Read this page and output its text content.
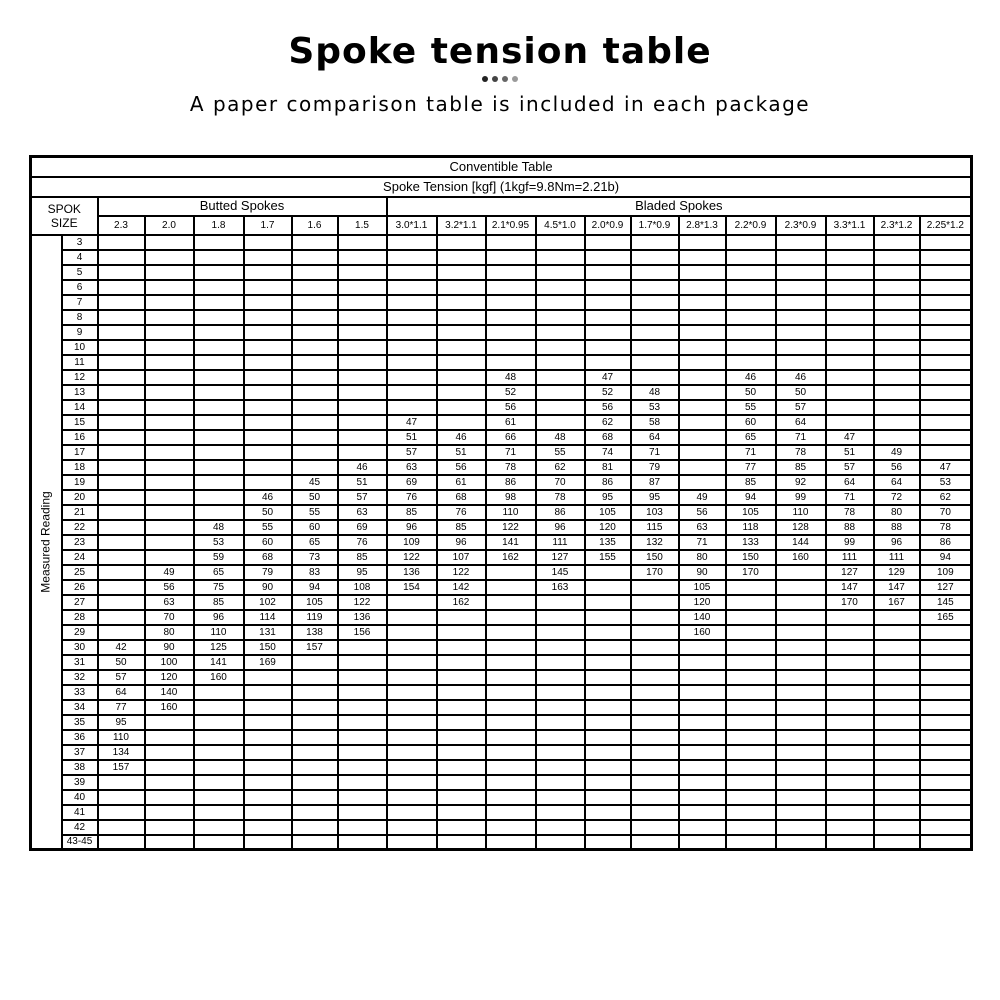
Spoke tension table

A paper comparison table is included in each package

Conventible Table																			
Spoke Tension [kgf] (1kgf=9.8Nm=2.21b)																			
SPOK
SIZE		Butted Spokes						Bladed Spokes											
		2.3	2.0	1.8	1.7	1.6	1.5	3.0*1.1	3.2*1.1	2.1*0.95	4.5*1.0	2.0*0.9	1.7*0.9	2.8*1.3	2.2*0.9	2.3*0.9	3.3*1.1	2.3*1.2	2.25*1.2

Measured Reading	3																		
	4																		
	5																		
	6																		
	7																		
	8																		
	9																		
	10																		
	11																		
	12									48		47			46	46			
	13									52		52	48		50	50			
	14									56		56	53		55	57			
	15							47		61		62	58		60	64			
	16							51	46	66	48	68	64		65	71	47		
	17							57	51	71	55	74	71		71	78	51	49	
	18						46	63	56	78	62	81	79		77	85	57	56	47
	19					45	51	69	61	86	70	86	87		85	92	64	64	53
	20				46	50	57	76	68	98	78	95	95	49	94	99	71	72	62
	21				50	55	63	85	76	110	86	105	103	56	105	110	78	80	70
	22			48	55	60	69	96	85	122	96	120	115	63	118	128	88	88	78
	23			53	60	65	76	109	96	141	111	135	132	71	133	144	99	96	86
	24			59	68	73	85	122	107	162	127	155	150	80	150	160	111	111	94
	25		49	65	79	83	95	136	122		145		170	90	170		127	129	109
	26		56	75	90	94	108	154	142		163			105			147	147	127
	27		63	85	102	105	122		162					120			170	167	145
	28		70	96	114	119	136							140					165
	29		80	110	131	138	156							160					
	30	42	90	125	150	157													
	31	50	100	141	169														
	32	57	120	160															
	33	64	140																
	34	77	160																
	35	95																	
	36	110																	
	37	134																	
	38	157																	
	39																		
	40																		
	41																		
	42																		
	43-45																		
